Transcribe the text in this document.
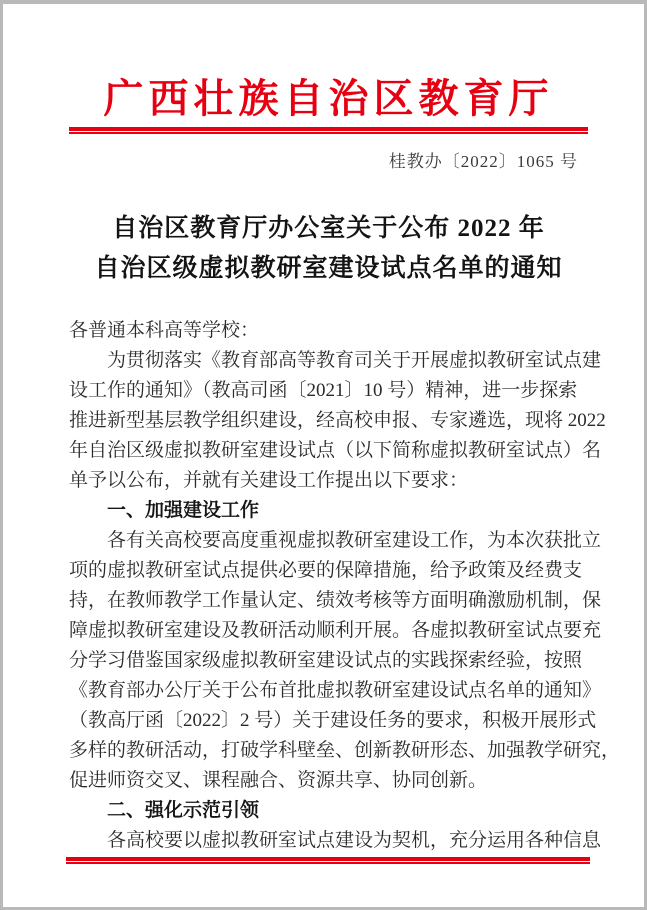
广西壮族自治区教育厅
桂教办〔2022〕1065 号
自治区教育厅办公室关于公布 2022 年
自治区级虚拟教研室建设试点名单的通知
各普通本科高等学校：
　　为贯彻落实《教育部高等教育司关于开展虚拟教研室试点建
设工作的通知》（教高司函〔2021〕10 号）精神，进一步探索
推进新型基层教学组织建设，经高校申报、专家遴选，现将 2022
年自治区级虚拟教研室建设试点（以下简称虚拟教研室试点）名
单予以公布，并就有关建设工作提出以下要求：
　　一、加强建设工作
　　各有关高校要高度重视虚拟教研室建设工作，为本次获批立
项的虚拟教研室试点提供必要的保障措施，给予政策及经费支
持，在教师教学工作量认定、绩效考核等方面明确激励机制，保
障虚拟教研室建设及教研活动顺利开展。各虚拟教研室试点要充
分学习借鉴国家级虚拟教研室建设试点的实践探索经验，按照
《教育部办公厅关于公布首批虚拟教研室建设试点名单的通知》
（教高厅函〔2022〕2 号）关于建设任务的要求，积极开展形式
多样的教研活动，打破学科壁垒、创新教研形态、加强教学研究，
促进师资交叉、课程融合、资源共享、协同创新。
　　二、强化示范引领
　　各高校要以虚拟教研室试点建设为契机，充分运用各种信息
